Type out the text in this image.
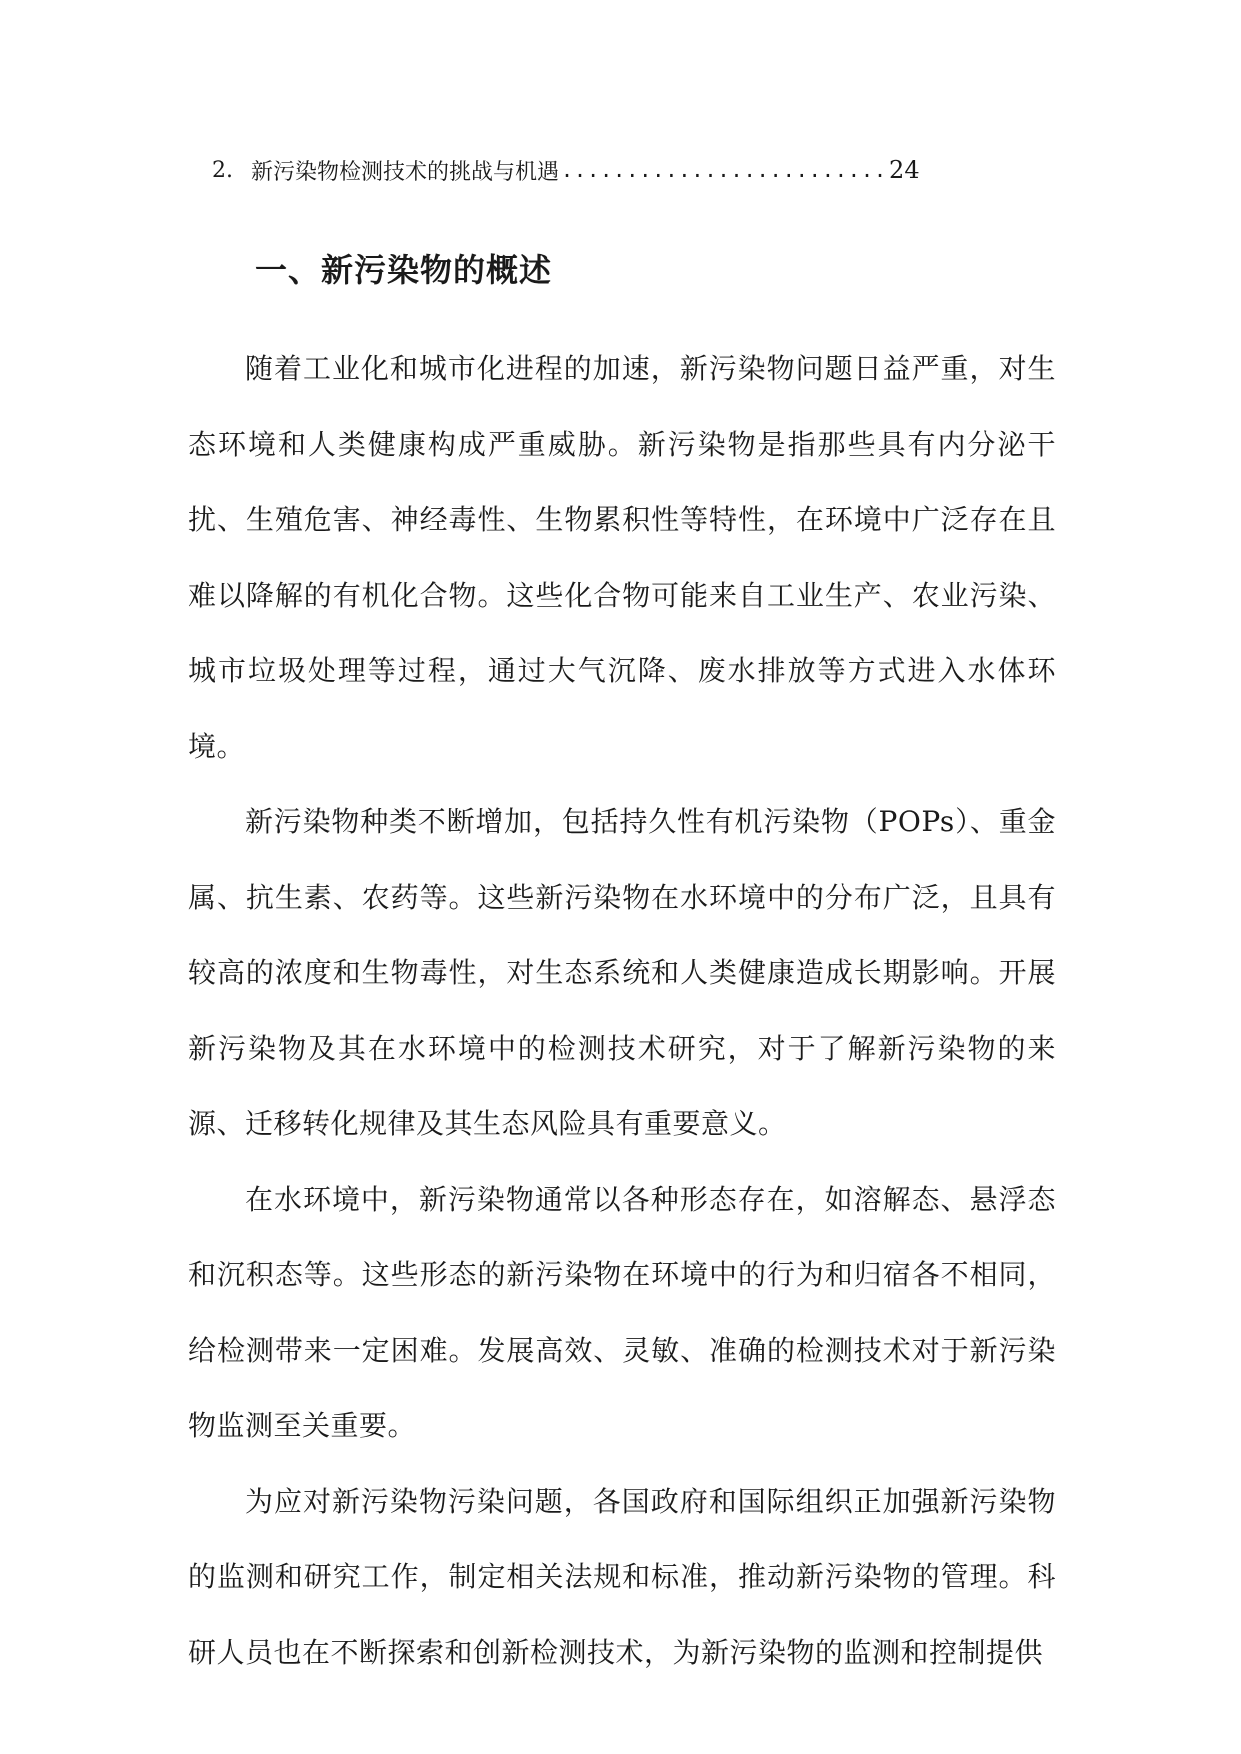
2. 新污染物检测技术的挑战与机遇 ......................... 24
一、新污染物的概述

随着工业化和城市化进程的加速，新污染物问题日益严重，对生态环境和人类健康构成严重威胁。新污染物是指那些具有内分泌干扰、生殖危害、神经毒性、生物累积性等特性，在环境中广泛存在且难以降解的有机化合物。这些化合物可能来自工业生产、农业污染、城市垃圾处理等过程，通过大气沉降、废水排放等方式进入水体环境。

新污染物种类不断增加，包括持久性有机污染物（POPs）、重金属、抗生素、农药等。这些新污染物在水环境中的分布广泛，且具有较高的浓度和生物毒性，对生态系统和人类健康造成长期影响。开展新污染物及其在水环境中的检测技术研究，对于了解新污染物的来源、迁移转化规律及其生态风险具有重要意义。

在水环境中，新污染物通常以各种形态存在，如溶解态、悬浮态和沉积态等。这些形态的新污染物在环境中的行为和归宿各不相同，给检测带来一定困难。发展高效、灵敏、准确的检测技术对于新污染物监测至关重要。

为应对新污染物污染问题，各国政府和国际组织正加强新污染物的监测和研究工作，制定相关法规和标准，推动新污染物的管理。科研人员也在不断探索和创新检测技术，为新污染物的监测和控制提供
